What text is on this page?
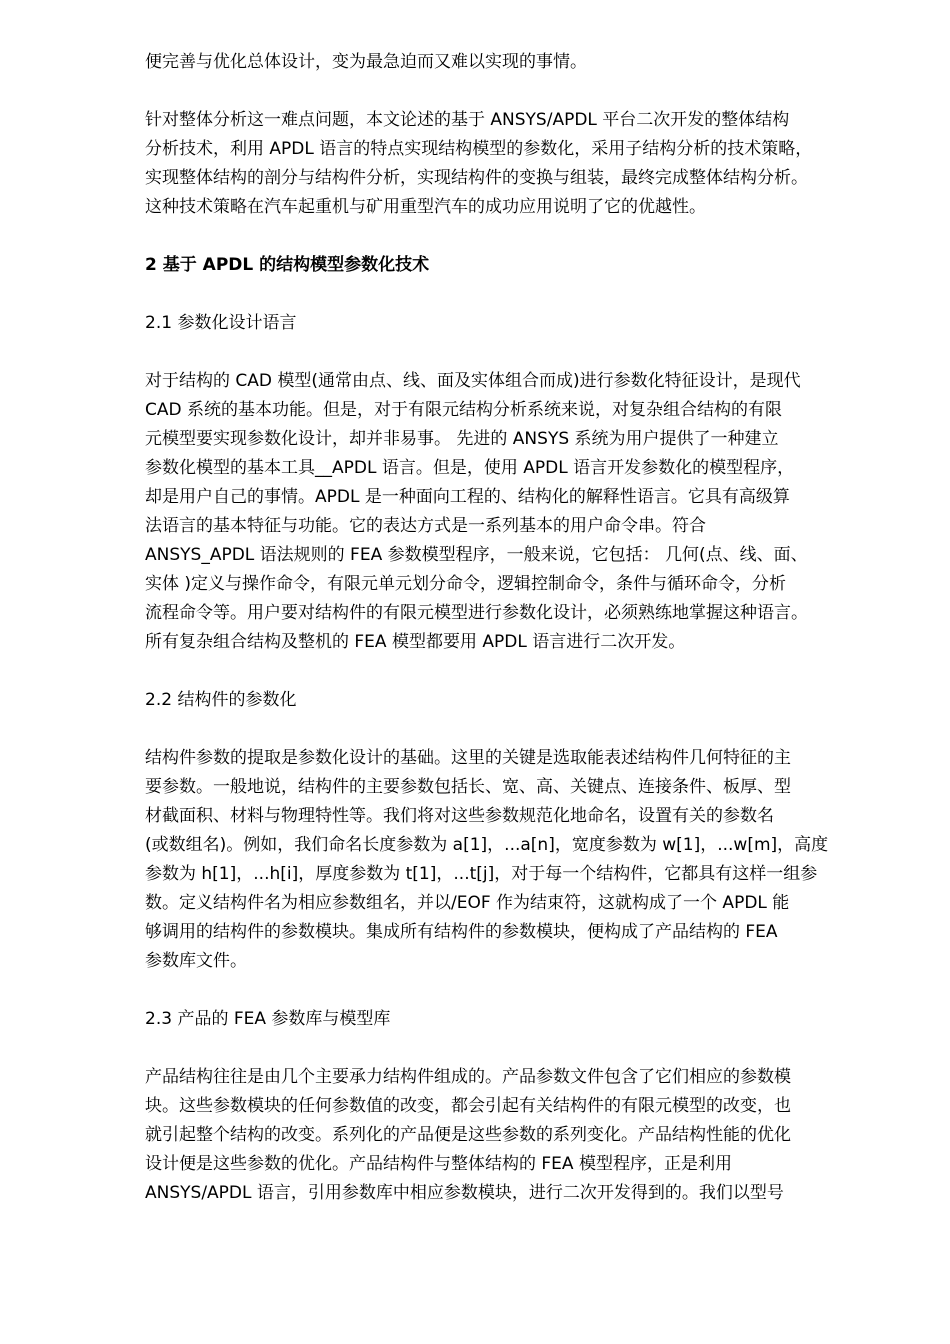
便完善与优化总体设计，变为最急迫而又难以实现的事情。
针对整体分析这一难点问题，本文论述的基于 ANSYS/APDL 平台二次开发的整体结构
分析技术，利用 APDL 语言的特点实现结构模型的参数化，采用子结构分析的技术策略，
实现整体结构的剖分与结构件分析，实现结构件的变换与组装，最终完成整体结构分析。
这种技术策略在汽车起重机与矿用重型汽车的成功应用说明了它的优越性。
2 基于 APDL 的结构模型参数化技术
2.1 参数化设计语言
对于结构的 CAD 模型(通常由点、线、面及实体组合而成)进行参数化特征设计，是现代
CAD 系统的基本功能。但是，对于有限元结构分析系统来说，对复杂组合结构的有限
元模型要实现参数化设计，却并非易事。 先进的 ANSYS 系统为用户提供了一种建立
参数化模型的基本工具__APDL 语言。但是，使用 APDL 语言开发参数化的模型程序，
却是用户自己的事情。APDL 是一种面向工程的、结构化的解释性语言。它具有高级算
法语言的基本特征与功能。它的表达方式是一系列基本的用户命令串。符合
ANSYS_APDL 语法规则的 FEA 参数模型程序，一般来说，它包括： 几何(点、线、面、
实体 )定义与操作命令，有限元单元划分命令，逻辑控制命令，条件与循环命令，分析
流程命令等。用户要对结构件的有限元模型进行参数化设计，必须熟练地掌握这种语言。
所有复杂组合结构及整机的 FEA 模型都要用 APDL 语言进行二次开发。
2.2 结构件的参数化
结构件参数的提取是参数化设计的基础。这里的关键是选取能表述结构件几何特征的主
要参数。一般地说，结构件的主要参数包括长、宽、高、关键点、连接条件、板厚、型
材截面积、材料与物理特性等。我们将对这些参数规范化地命名，设置有关的参数名
(或数组名)。例如，我们命名长度参数为 a[1]，...a[n]，宽度参数为 w[1]，...w[m]，高度
参数为 h[1]，...h[i]，厚度参数为 t[1]，...t[j]，对于每一个结构件，它都具有这样一组参
数。定义结构件名为相应参数组名，并以/EOF 作为结束符，这就构成了一个 APDL 能
够调用的结构件的参数模块。集成所有结构件的参数模块，便构成了产品结构的 FEA
参数库文件。
2.3 产品的 FEA 参数库与模型库
产品结构往往是由几个主要承力结构件组成的。产品参数文件包含了它们相应的参数模
块。这些参数模块的任何参数值的改变，都会引起有关结构件的有限元模型的改变，也
就引起整个结构的改变。系列化的产品便是这些参数的系列变化。产品结构性能的优化
设计便是这些参数的优化。产品结构件与整体结构的 FEA 模型程序，正是利用
ANSYS/APDL 语言，引用参数库中相应参数模块，进行二次开发得到的。我们以型号
